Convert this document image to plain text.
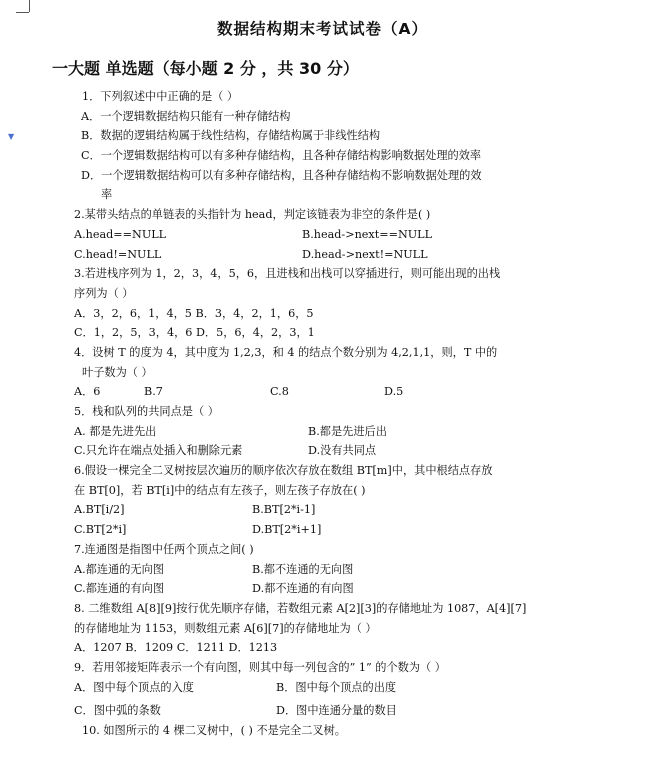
▼
数据结构期末考试试卷（A）
一大题 单选题（每小题 2 分 ，共 30 分）
1．下列叙述中中正确的是（ ）
A．一个逻辑数据结构只能有一种存储结构
B．数据的逻辑结构属于线性结构，存储结构属于非线性结构
C．一个逻辑数据结构可以有多种存储结构，且各种存储结构影响数据处理的效率
D．一个逻辑数据结构可以有多种存储结构，且各种存储结构不影响数据处理的效
率
2.某带头结点的单链表的头指针为 head，判定该链表为非空的条件是( )
A.head==NULL	B.head->next==NULL
C.head!=NULL	D.head->next!=NULL
3.若进栈序列为 1，2，3，4，5，6，且进栈和出栈可以穿插进行，则可能出现的出栈
序列为（ ）
A．3，2，6，1，4，5 B．3，4，2，1，6，5
C．1，2，5，3，4，6 D．5，6，4，2，3，1
4．设树 T 的度为 4，其中度为 1,2,3，和 4 的结点个数分别为 4,2,1,1，则，T 中的
叶子数为（ ）
A．6	B.7	C.8	D.5
5．栈和队列的共同点是（ ）
A. 都是先进先出	B.都是先进后出
C.只允许在端点处插入和删除元素	D.没有共同点
6.假设一棵完全二叉树按层次遍历的顺序依次存放在数组 BT[m]中，其中根结点存放
在 BT[0]，若 BT[i]中的结点有左孩子，则左孩子存放在( )
A.BT[i/2]	B.BT[2*i-1]
C.BT[2*i]	D.BT[2*i+1]
7.连通图是指图中任两个顶点之间( )
A.都连通的无向图	B.都不连通的无向图
C.都连通的有向图	D.都不连通的有向图
8. 二维数组 A[8][9]按行优先顺序存储，若数组元素 A[2][3]的存储地址为 1087，A[4][7]
的存储地址为 1153，则数组元素 A[6][7]的存储地址为（ ）
A．1207 B．1209 C．1211 D．1213
9．若用邻接矩阵表示一个有向图，则其中每一列包含的” 1” 的个数为（ ）
A．图中每个顶点的入度	B．图中每个顶点的出度
C．图中弧的条数	D．图中连通分量的数目
10. 如图所示的 4 棵二叉树中，( ) 不是完全二叉树。
